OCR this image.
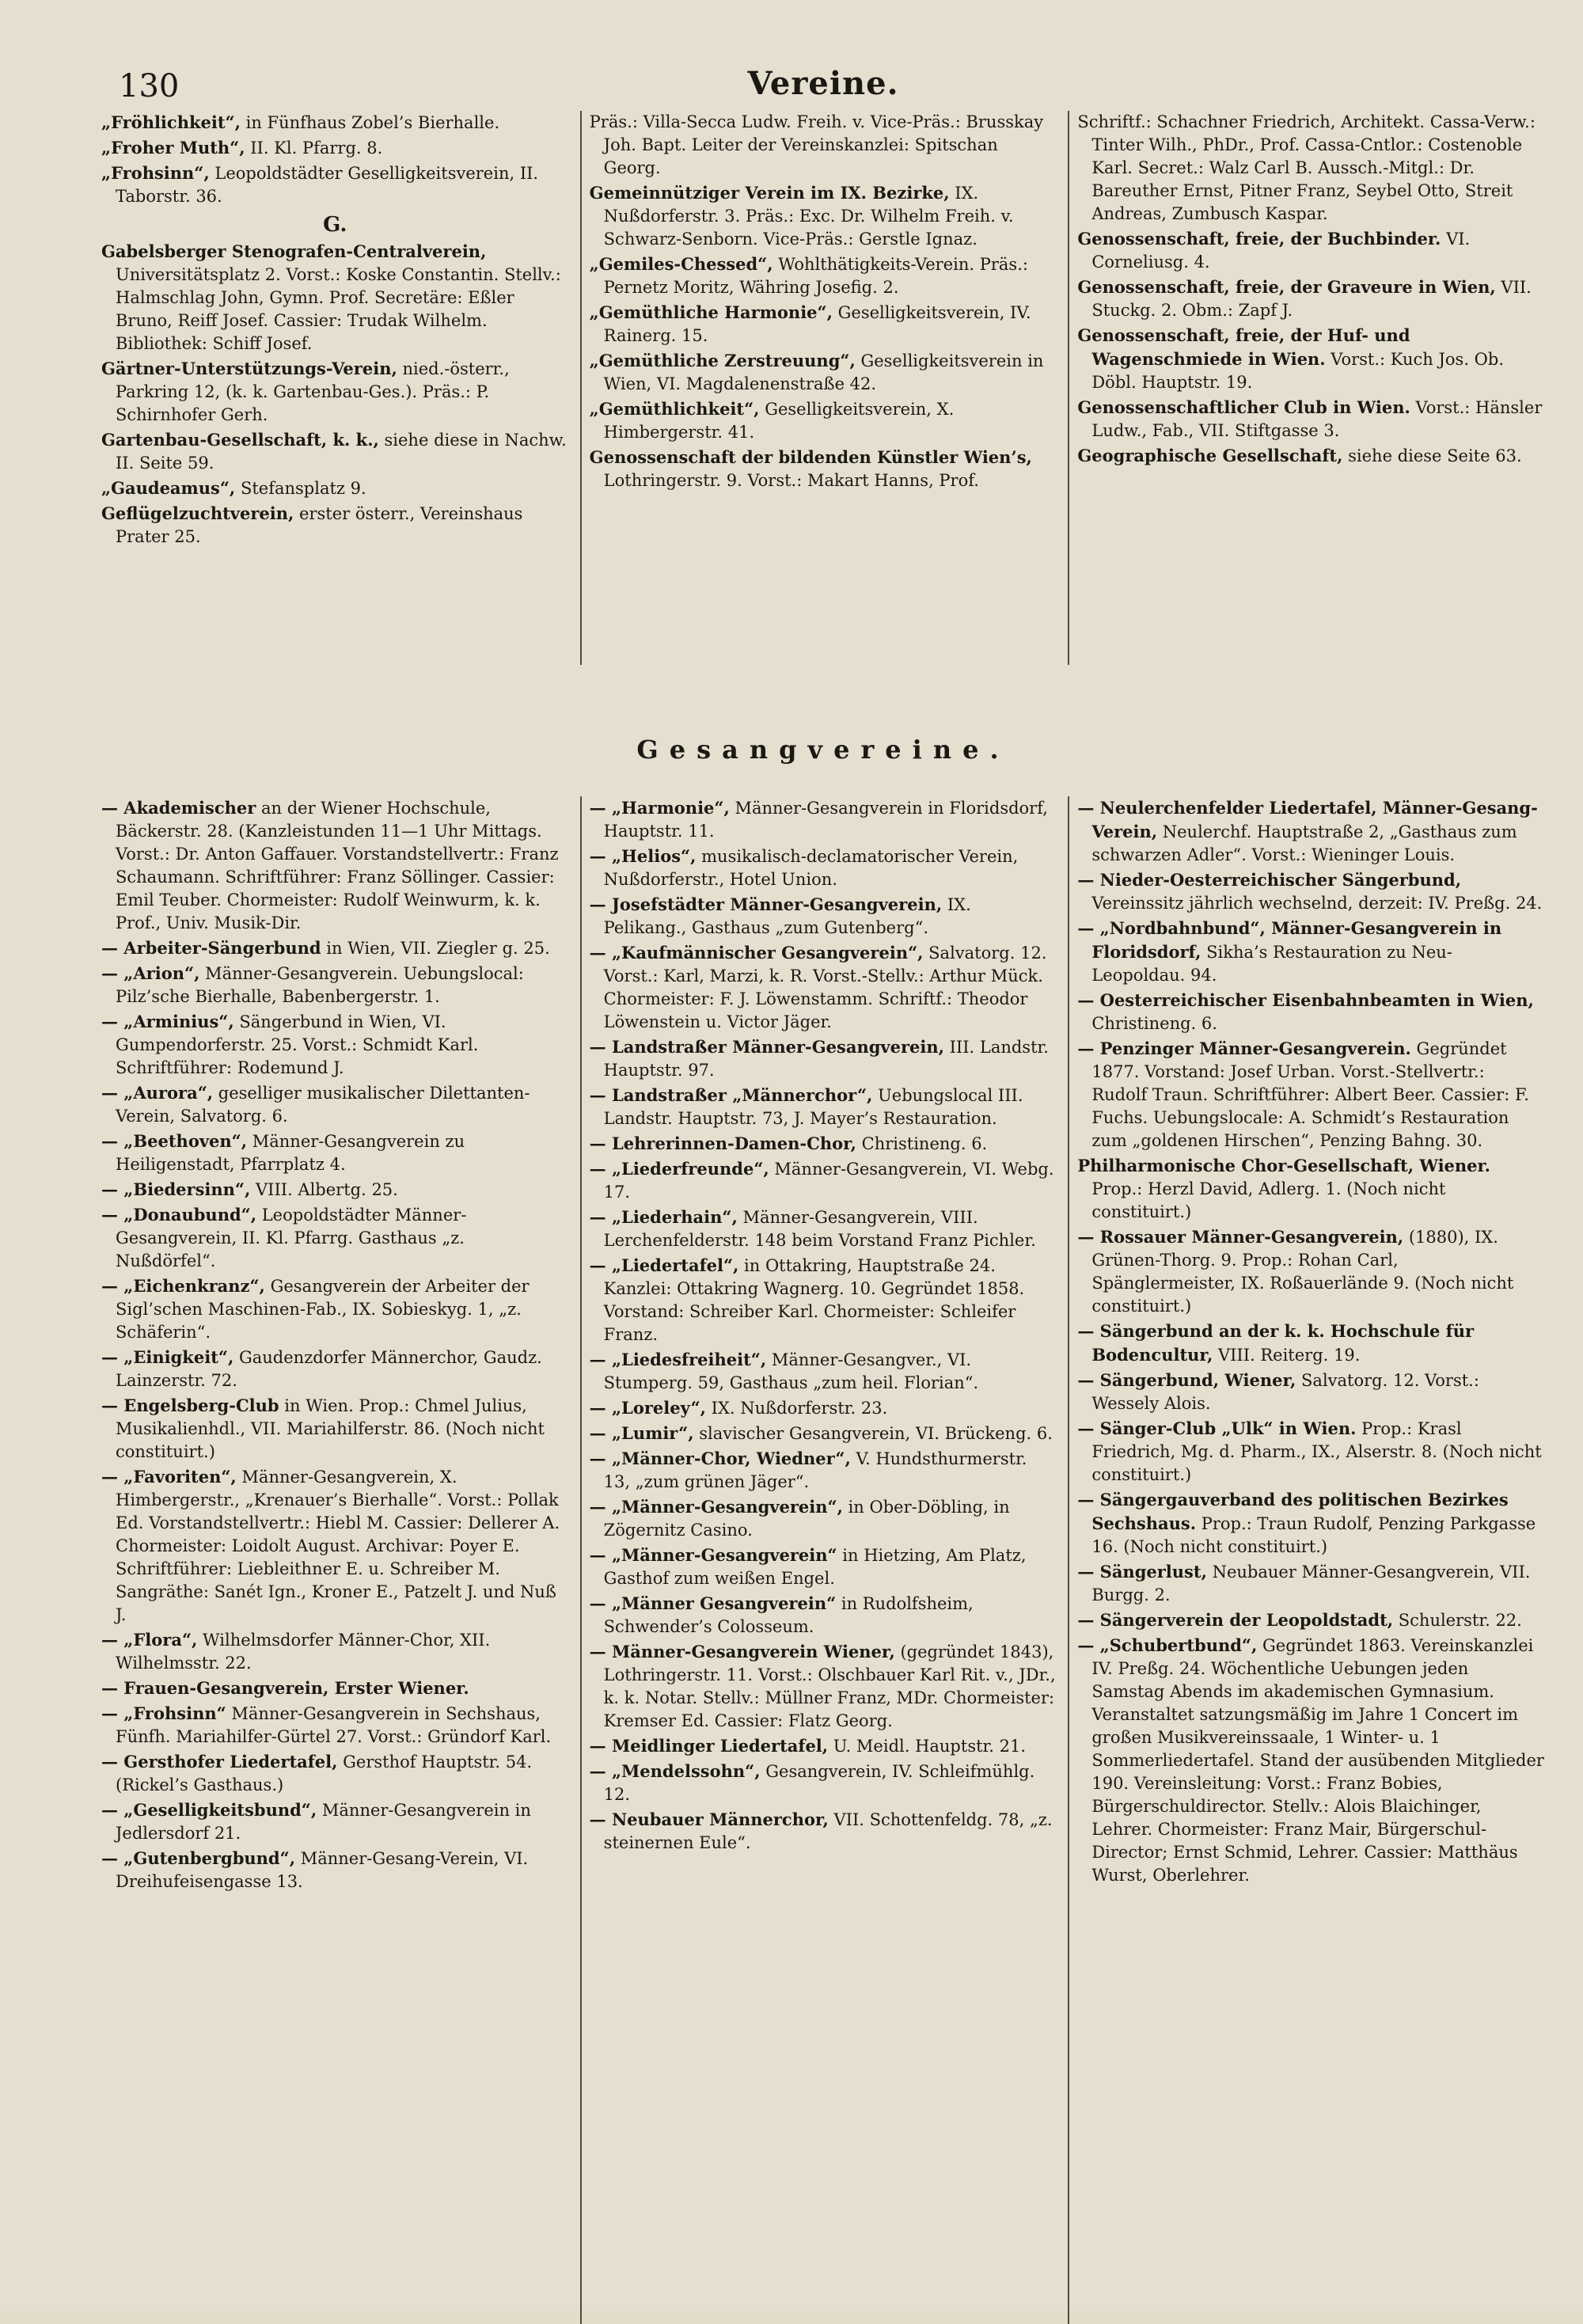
130	Vereine.
„Fröhlichkeit“, in Fünfhaus Zobel’s Bierhalle.
„Froher Muth“, II. Kl. Pfarrg. 8.
„Frohsinn“, Leopoldstädter Geselligkeitsverein, II. Taborstr. 36.
G.
Gabelsberger Stenografen-Centralverein, Universitätsplatz 2. Vorst.: Koske Constantin. Stellv.: Halmschlag John, Gymn. Prof. Secretäre: Eßler Bruno, Reiff Josef. Cassier: Trudak Wilhelm. Bibliothek: Schiff Josef.
Gärtner-Unterstützungs-Verein, nied.-österr., Parkring 12, (k. k. Gartenbau-Ges.). Präs.: P. Schirnhofer Gerh.
Gartenbau-Gesellschaft, k. k., siehe diese in Nachw. II. Seite 59.
„Gaudeamus“, Stefansplatz 9.
Geflügelzuchtverein, erster österr., Vereinshaus Prater 25.
Präs.: Villa-Secca Ludw. Freih. v. Vice-Präs.: Brusskay Joh. Bapt. Leiter der Vereinskanzlei: Spitschan Georg.
Gemeinnütziger Verein im IX. Bezirke, IX. Nußdorferstr. 3. Präs.: Exc. Dr. Wilhelm Freih. v. Schwarz-Senborn. Vice-Präs.: Gerstle Ignaz.
„Gemiles-Chessed“, Wohlthätigkeits-Verein. Präs.: Pernetz Moritz, Währing Josefig. 2.
„Gemüthliche Harmonie“, Geselligkeitsverein, IV. Rainerg. 15.
„Gemüthliche Zerstreuung“, Geselligkeitsverein in Wien, VI. Magdalenenstraße 42.
„Gemüthlichkeit“, Geselligkeitsverein, X. Himbergerstr. 41.
Genossenschaft der bildenden Künstler Wien’s, Lothringerstr. 9. Vorst.: Makart Hanns, Prof.
Schriftf.: Schachner Friedrich, Architekt. Cassa-Verw.: Tinter Wilh., PhDr., Prof. Cassa-Cntlor.: Costenoble Karl. Secret.: Walz Carl B. Aussch.-Mitgl.: Dr. Bareuther Ernst, Pitner Franz, Seybel Otto, Streit Andreas, Zumbusch Kaspar.
Genossenschaft, freie, der Buchbinder. VI. Corneliusg. 4.
Genossenschaft, freie, der Graveure in Wien, VII. Stuckg. 2. Obm.: Zapf J.
Genossenschaft, freie, der Huf- und Wagenschmiede in Wien. Vorst.: Kuch Jos. Ob. Döbl. Hauptstr. 19.
Genossenschaftlicher Club in Wien. Vorst.: Hänsler Ludw., Fab., VII. Stiftgasse 3.
Geographische Gesellschaft, siehe diese Seite 63.
Gesangvereine.
— Akademischer an der Wiener Hochschule, Bäckerstr. 28. (Kanzleistunden 11—1 Uhr Mittags. Vorst.: Dr. Anton Gaffauer. Vorstandstellvertr.: Franz Schaumann. Schriftführer: Franz Söllinger. Cassier: Emil Teuber. Chormeister: Rudolf Weinwurm, k. k. Prof., Univ. Musik-Dir.
— Arbeiter-Sängerbund in Wien, VII. Ziegler g. 25.
— „Arion“, Männer-Gesangverein. Uebungslocal: Pilz’sche Bierhalle, Babenbergerstr. 1.
— „Arminius“, Sängerbund in Wien, VI. Gumpendorferstr. 25. Vorst.: Schmidt Karl. Schriftführer: Rodemund J.
— „Aurora“, geselliger musikalischer Dilettanten-Verein, Salvatorg. 6.
— „Beethoven“, Männer-Gesangverein zu Heiligenstadt, Pfarrplatz 4.
— „Biedersinn“, VIII. Albertg. 25.
— „Donaubund“, Leopoldstädter Männer-Gesangverein, II. Kl. Pfarrg. Gasthaus „z. Nußdörfel“.
— „Eichenkranz“, Gesangverein der Arbeiter der Sigl’schen Maschinen-Fab., IX. Sobieskyg. 1, „z. Schäferin“.
— „Einigkeit“, Gaudenzdorfer Männerchor, Gaudz. Lainzerstr. 72.
— Engelsberg-Club in Wien. Prop.: Chmel Julius, Musikalienhdl., VII. Mariahilferstr. 86. (Noch nicht constituirt.)
— „Favoriten“, Männer-Gesangverein, X. Himbergerstr., „Krenauer’s Bierhalle“. Vorst.: Pollak Ed. Vorstandstellvertr.: Hiebl M. Cassier: Dellerer A. Chormeister: Loidolt August. Archivar: Poyer E. Schriftführer: Liebleithner E. u. Schreiber M. Sangräthe: Sanét Ign., Kroner E., Patzelt J. und Nuß J.
— „Flora“, Wilhelmsdorfer Männer-Chor, XII. Wilhelmsstr. 22.
— Frauen-Gesangverein, Erster Wiener.
— „Frohsinn“ Männer-Gesangverein in Sechshaus, Fünfh. Mariahilfer-Gürtel 27. Vorst.: Gründorf Karl.
— Gersthofer Liedertafel, Gersthof Hauptstr. 54. (Rickel’s Gasthaus.)
— „Geselligkeitsbund“, Männer-Gesangverein in Jedlersdorf 21.
— „Gutenbergbund“, Männer-Gesang-Verein, VI. Dreihufeisengasse 13.
— „Harmonie“, Männer-Gesangverein in Floridsdorf, Hauptstr. 11.
— „Helios“, musikalisch-declamatorischer Verein, Nußdorferstr., Hotel Union.
— Josefstädter Männer-Gesangverein, IX. Pelikang., Gasthaus „zum Gutenberg“.
— „Kaufmännischer Gesangverein“, Salvatorg. 12. Vorst.: Karl, Marzi, k. R. Vorst.-Stellv.: Arthur Mück. Chormeister: F. J. Löwenstamm. Schriftf.: Theodor Löwenstein u. Victor Jäger.
— Landstraßer Männer-Gesangverein, III. Landstr. Hauptstr. 97.
— Landstraßer „Männerchor“, Uebungslocal III. Landstr. Hauptstr. 73, J. Mayer’s Restauration.
— Lehrerinnen-Damen-Chor, Christineng. 6.
— „Liederfreunde“, Männer-Gesangverein, VI. Webg. 17.
— „Liederhain“, Männer-Gesangverein, VIII. Lerchenfelderstr. 148 beim Vorstand Franz Pichler.
— „Liedertafel“, in Ottakring, Hauptstraße 24. Kanzlei: Ottakring Wagnerg. 10. Gegründet 1858. Vorstand: Schreiber Karl. Chormeister: Schleifer Franz.
— „Liedesfreiheit“, Männer-Gesangver., VI. Stumperg. 59, Gasthaus „zum heil. Florian“.
— „Loreley“, IX. Nußdorferstr. 23.
— „Lumir“, slavischer Gesangverein, VI. Brückeng. 6.
— „Männer-Chor, Wiedner“, V. Hundsthurmerstr. 13, „zum grünen Jäger“.
— „Männer-Gesangverein“, in Ober-Döbling, in Zögernitz Casino.
— „Männer-Gesangverein“ in Hietzing, Am Platz, Gasthof zum weißen Engel.
— „Männer Gesangverein“ in Rudolfsheim, Schwender’s Colosseum.
— Männer-Gesangverein Wiener, (gegründet 1843), Lothringerstr. 11. Vorst.: Olschbauer Karl Rit. v., JDr., k. k. Notar. Stellv.: Müllner Franz, MDr. Chormeister: Kremser Ed. Cassier: Flatz Georg.
— Meidlinger Liedertafel, U. Meidl. Hauptstr. 21.
— „Mendelssohn“, Gesangverein, IV. Schleifmühlg. 12.
— Neubauer Männerchor, VII. Schottenfeldg. 78, „z. steinernen Eule“.
— Neulerchenfelder Liedertafel, Männer-Gesang-Verein, Neulerchf. Hauptstraße 2, „Gasthaus zum schwarzen Adler“. Vorst.: Wieninger Louis.
— Nieder-Oesterreichischer Sängerbund, Vereinssitz jährlich wechselnd, derzeit: IV. Preßg. 24.
— „Nordbahnbund“, Männer-Gesangverein in Floridsdorf, Sikha’s Restauration zu Neu-Leopoldau. 94.
— Oesterreichischer Eisenbahnbeamten in Wien, Christineng. 6.
— Penzinger Männer-Gesangverein. Gegründet 1877. Vorstand: Josef Urban. Vorst.-Stellvertr.: Rudolf Traun. Schriftführer: Albert Beer. Cassier: F. Fuchs. Uebungslocale: A. Schmidt’s Restauration zum „goldenen Hirschen“, Penzing Bahng. 30.
Philharmonische Chor-Gesellschaft, Wiener. Prop.: Herzl David, Adlerg. 1. (Noch nicht constituirt.)
— Rossauer Männer-Gesangverein, (1880), IX. Grünen-Thorg. 9. Prop.: Rohan Carl, Spänglermeister, IX. Roßauerlände 9. (Noch nicht constituirt.)
— Sängerbund an der k. k. Hochschule für Bodencultur, VIII. Reiterg. 19.
— Sängerbund, Wiener, Salvatorg. 12. Vorst.: Wessely Alois.
— Sänger-Club „Ulk“ in Wien. Prop.: Krasl Friedrich, Mg. d. Pharm., IX., Alserstr. 8. (Noch nicht constituirt.)
— Sängergauverband des politischen Bezirkes Sechshaus. Prop.: Traun Rudolf, Penzing Parkgasse 16. (Noch nicht constituirt.)
— Sängerlust, Neubauer Männer-Gesangverein, VII. Burgg. 2.
— Sängerverein der Leopoldstadt, Schulerstr. 22.
— „Schubertbund“, Gegründet 1863. Vereinskanzlei IV. Preßg. 24. Wöchentliche Uebungen jeden Samstag Abends im akademischen Gymnasium. Veranstaltet satzungsmäßig im Jahre 1 Concert im großen Musikvereinssaale, 1 Winter- u. 1 Sommerliedertafel. Stand der ausübenden Mitglieder 190. Vereinsleitung: Vorst.: Franz Bobies, Bürgerschuldirector. Stellv.: Alois Blaichinger, Lehrer. Chormeister: Franz Mair, Bürgerschul-Director; Ernst Schmid, Lehrer. Cassier: Matthäus Wurst, Oberlehrer.
